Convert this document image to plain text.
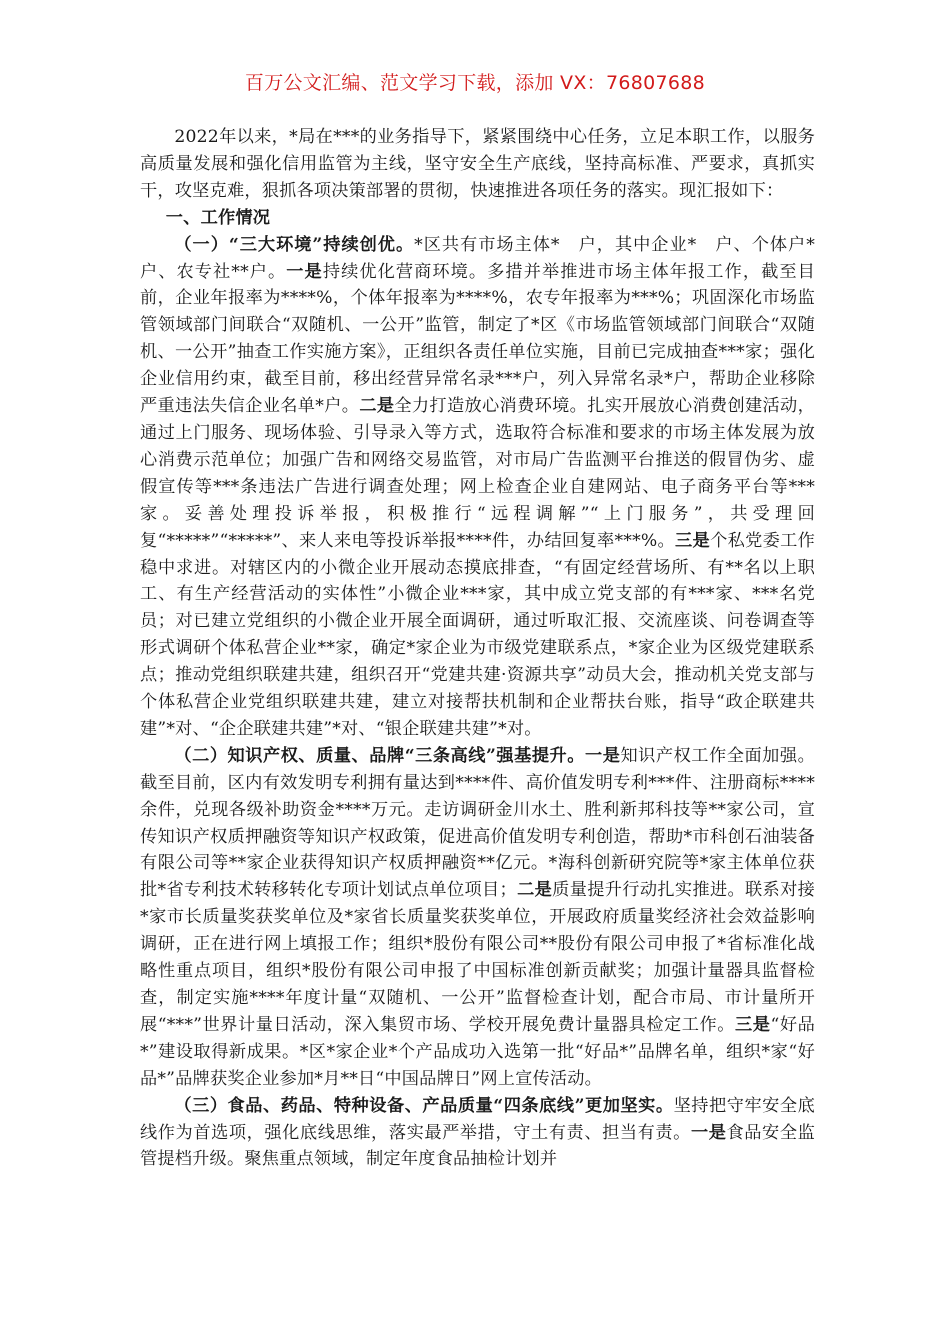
百万公文汇编、范文学习下载，添加 VX：76807688

2022年以来，*局在***的业务指导下，紧紧围绕中心任务，立足本职工作，以服务高质量发展和强化信用监管为主线，坚守安全生产底线，坚持高标准、严要求，真抓实干，攻坚克难，狠抓各项决策部署的贯彻，快速推进各项任务的落实。现汇报如下：

一、工作情况

（一）“三大环境”持续创优。*区共有市场主体*　户，其中企业*　户、个体户*　户、农专社**户。一是持续优化营商环境。多措并举推进市场主体年报工作，截至目前，企业年报率为****%，个体年报率为****%，农专年报率为***%；巩固深化市场监管领域部门间联合“双随机、一公开”监管，制定了*区《市场监管领域部门间联合“双随机、一公开”抽查工作实施方案》，正组织各责任单位实施，目前已完成抽查***家；强化企业信用约束，截至目前，移出经营异常名录***户，列入异常名录*户，帮助企业移除严重违法失信企业名单*户。二是全力打造放心消费环境。扎实开展放心消费创建活动，通过上门服务、现场体验、引导录入等方式，选取符合标准和要求的市场主体发展为放心消费示范单位；加强广告和网络交易监管，对市局广告监测平台推送的假冒伪劣、虚假宣传等***条违法广告进行调查处理；网上检查企业自建网站、电子商务平台等***家。妥善处理投诉举报，积极推行“远程调解”“上门服务”，共受理回复“*****”“*****”、来人来电等投诉举报****件，办结回复率***%。三是个私党委工作稳中求进。对辖区内的小微企业开展动态摸底排查，“有固定经营场所、有**名以上职工、有生产经营活动的实体性”小微企业***家，其中成立党支部的有***家、***名党员；对已建立党组织的小微企业开展全面调研，通过听取汇报、交流座谈、问卷调查等形式调研个体私营企业**家，确定*家企业为市级党建联系点，*家企业为区级党建联系点；推动党组织联建共建，组织召开“党建共建·资源共享”动员大会，推动机关党支部与个体私营企业党组织联建共建，建立对接帮扶机制和企业帮扶台账，指导“政企联建共建”*对、“企企联建共建”*对、“银企联建共建”*对。

（二）知识产权、质量、品牌“三条高线”强基提升。一是知识产权工作全面加强。截至目前，区内有效发明专利拥有量达到****件、高价值发明专利***件、注册商标****余件，兑现各级补助资金****万元。走访调研金川水土、胜利新邦科技等**家公司，宣传知识产权质押融资等知识产权政策，促进高价值发明专利创造，帮助*市科创石油装备有限公司等**家企业获得知识产权质押融资**亿元。*海科创新研究院等*家主体单位获批*省专利技术转移转化专项计划试点单位项目；二是质量提升行动扎实推进。联系对接*家市长质量奖获奖单位及*家省长质量奖获奖单位，开展政府质量奖经济社会效益影响调研，正在进行网上填报工作；组织*股份有限公司**股份有限公司申报了*省标准化战略性重点项目，组织*股份有限公司申报了中国标准创新贡献奖；加强计量器具监督检查，制定实施****年度计量“双随机、一公开”监督检查计划，配合市局、市计量所开展“***”世界计量日活动，深入集贸市场、学校开展免费计量器具检定工作。三是“好品*”建设取得新成果。*区*家企业*个产品成功入选第一批“好品*”品牌名单，组织*家“好品*”品牌获奖企业参加*月**日“中国品牌日”网上宣传活动。

（三）食品、药品、特种设备、产品质量“四条底线”更加坚实。坚持把守牢安全底线作为首选项，强化底线思维，落实最严举措，守土有责、担当有责。一是食品安全监管提档升级。聚焦重点领域，制定年度食品抽检计划并
